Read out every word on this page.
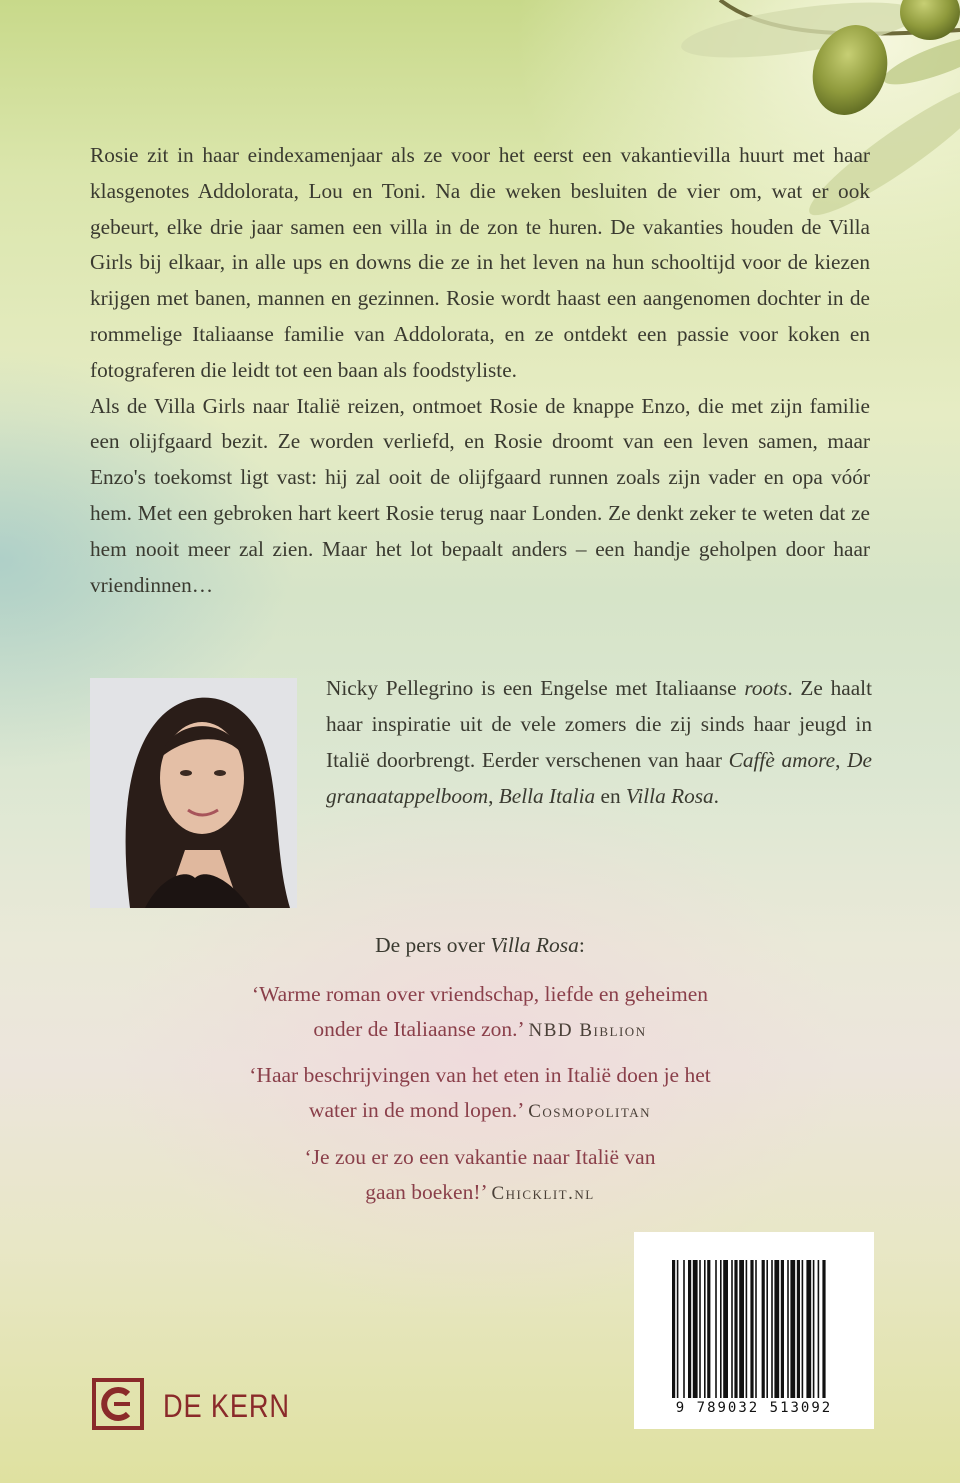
Rosie zit in haar eindexamenjaar als ze voor het eerst een vakantievilla huurt met haar klasgenotes Addolorata, Lou en Toni. Na die weken besluiten de vier om, wat er ook gebeurt, elke drie jaar samen een villa in de zon te huren. De vakanties houden de Villa Girls bij elkaar, in alle ups en downs die ze in het leven na hun schooltijd voor de kiezen krijgen met banen, mannen en gezinnen. Rosie wordt haast een aangenomen dochter in de rommelige Italiaanse familie van Addolorata, en ze ontdekt een passie voor koken en fotograferen die leidt tot een baan als foodstyliste.

Als de Villa Girls naar Italië reizen, ontmoet Rosie de knappe Enzo, die met zijn familie een olijfgaard bezit. Ze worden verliefd, en Rosie droomt van een leven samen, maar Enzo's toekomst ligt vast: hij zal ooit de olijfgaard runnen zoals zijn vader en opa vóór hem. Met een gebroken hart keert Rosie terug naar Londen. Ze denkt zeker te weten dat ze hem nooit meer zal zien. Maar het lot bepaalt anders – een handje geholpen door haar vriendinnen…

Nicky Pellegrino is een Engelse met Italiaanse roots. Ze haalt haar inspiratie uit de vele zomers die zij sinds haar jeugd in Italië doorbrengt. Eerder verschenen van haar Caffè amore, De granaatappelboom, Bella Italia en Villa Rosa.

De pers over Villa Rosa:

‘Warme roman over vriendschap, liefde en geheimen
onder de Italiaanse zon.’ NBD Biblion

‘Haar beschrijvingen van het eten in Italië doen je het
water in de mond lopen.’ Cosmopolitan

‘Je zou er zo een vakantie naar Italië van
gaan boeken!’ Chicklit.nl

9 789032 513092
DE KERN
